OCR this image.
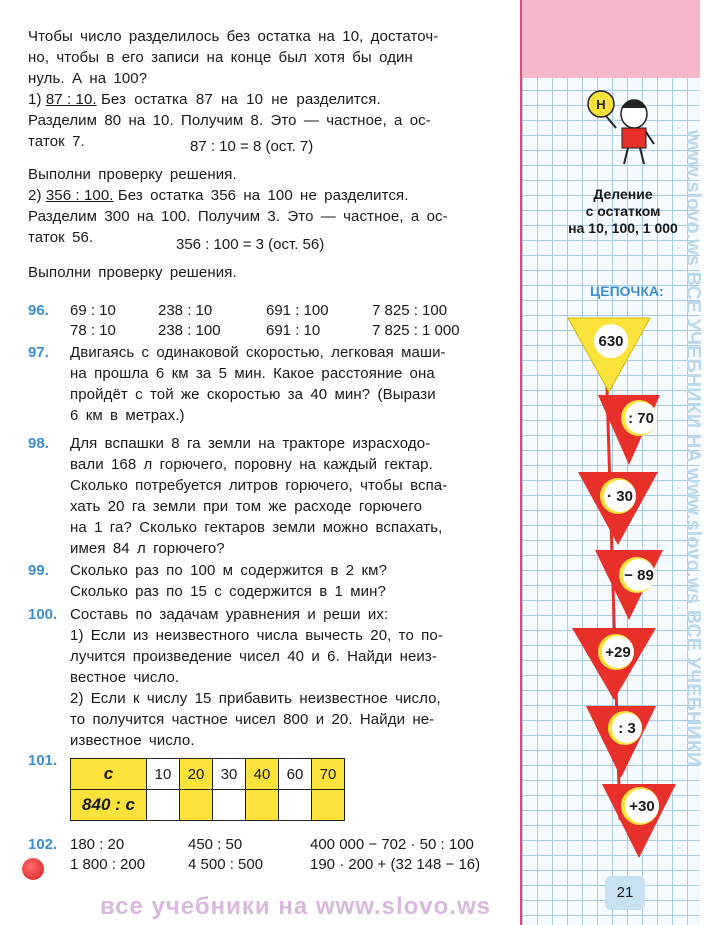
Чтобы число разделилось без остатка на 10, достаточ-
но, чтобы в его записи на конце был хотя бы один
нуль. А на 100?
1) 87 : 10. Без остатка 87 на 10 не разделится.
Разделим 80 на 10. Получим 8. Это — частное, а ос-
таток 7.	87 : 10 = 8 (ост. 7)
Выполни проверку решения.
2) 356 : 100. Без остатка 356 на 100 не разделится.
Разделим 300 на 100. Получим 3. Это — частное, а ос-
таток 56.	356 : 100 = 3 (ост. 56)
Выполни проверку решения.
96. 69 : 10	238 : 10	691 : 100	7 825 : 100
78 : 10	238 : 100	691 : 10	7 825 : 1 000
97. Двигаясь с одинаковой скоростью, легковая маши-
на прошла 6 км за 5 мин. Какое расстояние она
пройдёт с той же скоростью за 40 мин? (Вырази
6 км в метрах.)
98. Для вспашки 8 га земли на тракторе израсходо-
вали 168 л горючего, поровну на каждый гектар.
Сколько потребуется литров горючего, чтобы вспа-
хать 20 га земли при том же расходе горючего
на 1 га? Сколько гектаров земли можно вспахать,
имея 84 л горючего?
99. Сколько раз по 100 м содержится в 2 км?
Сколько раз по 15 с содержится в 1 мин?
100. Составь по задачам уравнения и реши их:
1) Если из неизвестного числа вычесть 20, то по-
лучится произведение чисел 40 и 6. Найди неиз-
вестное число.
2) Если к числу 15 прибавить неизвестное число,
то получится частное чисел 800 и 20. Найди не-
известное число.
101.
c	10	20	30	40	60	70
840 : c						
102. 180 : 20	450 : 50	400 000 − 702 · 50 : 100
1 800 : 200	4 500 : 500	190 · 200 + (32 148 − 16)
Н
630
: 70
· 30
− 89
+29
: 3
+30
Деление
с остатком
на 10, 100, 1 000
ЦЕПОЧКА: www.slovo.ws ВСЕ УЧЕБНИКИ НА www.slovo.ws ВСЕ УЧЕБНИКИ
21
все учебники на www.slovo.ws
